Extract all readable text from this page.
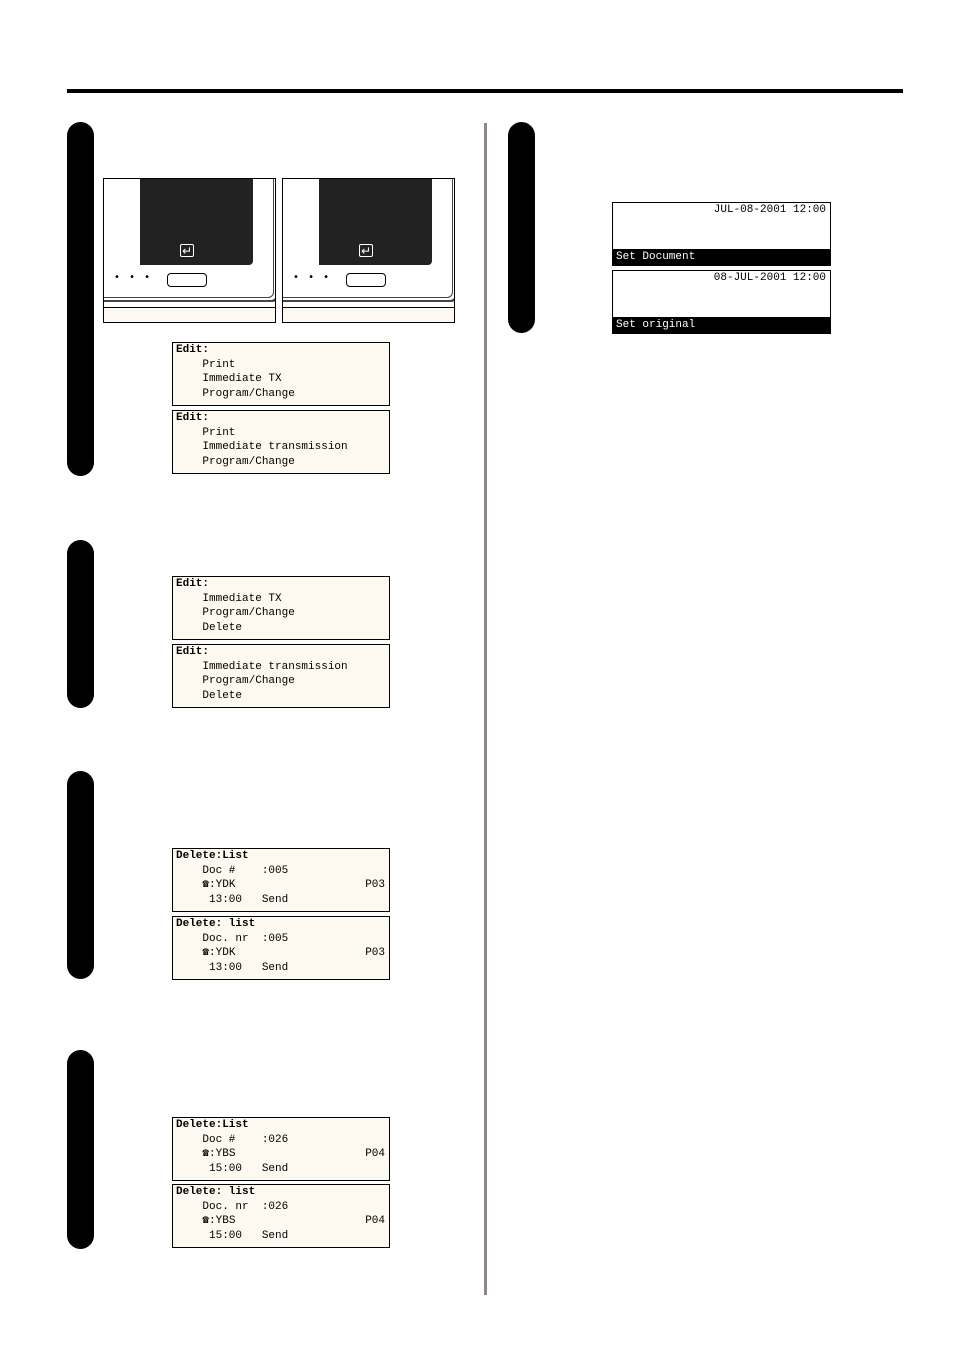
↵
• • •
↵
• • •
Edit:
Print
Immediate TX
Program/Change
Edit:
Print
Immediate transmission
Program/Change
Edit:
Immediate TX
Program/Change
Delete
Edit:
Immediate transmission
Program/Change
Delete
Delete:List
Doc #    :005
☎:YDK	P03
13:00   Send
Delete: list
Doc. nr  :005
☎:YDK	P03
13:00   Send
Delete:List
Doc #    :026
☎:YBS	P04
15:00   Send
Delete: list
Doc. nr  :026
☎:YBS	P04
15:00   Send
JUL-08-2001 12:00
Set Document
08-JUL-2001 12:00
Set original
